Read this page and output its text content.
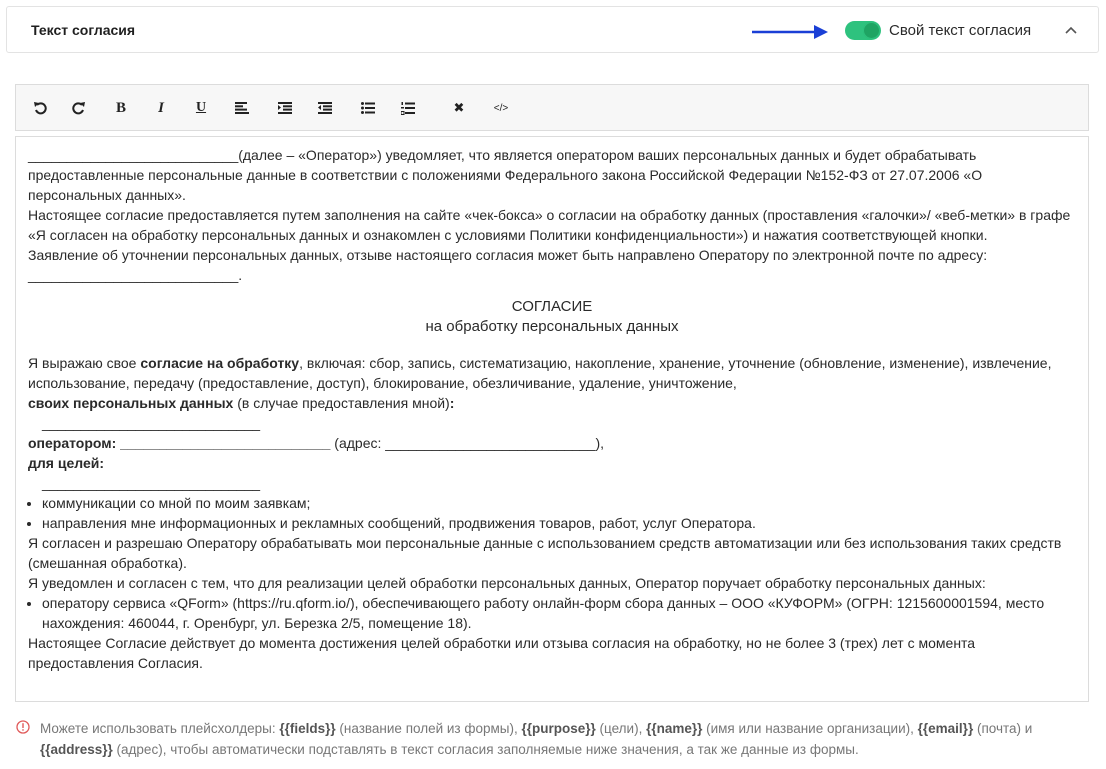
Текст согласия	Свой текст согласия
B I U	✖	</>

___________________________(далее – «Оператор») уведомляет, что является оператором ваших персональных данных и будет обрабатывать предоставленные персональные данные в соответствии с положениями Федерального закона Российской Федерации №152-ФЗ от 27.07.2006 «О персональных данных».

Настоящее согласие предоставляется путем заполнения на сайте «чек-бокса» о согласии на обработку данных (проставления «галочки»/ «веб-метки» в графе «Я согласен на обработку персональных данных и ознакомлен с условиями Политики конфиденциальности») и нажатия соответствующей кнопки.

Заявление об уточнении персональных данных, отзыве настоящего согласия может быть направлено Оператору по электронной почте по адресу:

___________________________.

СОГЛАСИЕ

на обработку персональных данных

Я выражаю свое согласие на обработку, включая: сбор, запись, систематизацию, накопление, хранение, уточнение (обновление, изменение), извлечение, использование, передачу (предоставление, доступ), блокирование, обезличивание, удаление, уничтожение,

своих персональных данных (в случае предоставления мной):

____________________________

оператором: ___________________________ (адрес: ___________________________),

для целей:

____________________________

• коммуникации со мной по моим заявкам;
• направления мне информационных и рекламных сообщений, продвижения товаров, работ, услуг Оператора.

Я согласен и разрешаю Оператору обрабатывать мои персональные данные с использованием средств автоматизации или без использования таких средств (смешанная обработка).

Я уведомлен и согласен с тем, что для реализации целей обработки персональных данных, Оператор поручает обработку персональных данных:

• оператору сервиса «QForm» (https://ru.qform.io/), обеспечивающего работу онлайн-форм сбора данных – ООО «КУФОРМ» (ОГРН: 1215600001594, место нахождения: 460044, г. Оренбург, ул. Березка 2/5, помещение 18).

Настоящее Согласие действует до момента достижения целей обработки или отзыва согласия на обработку, но не более 3 (трех) лет с момента предоставления Согласия.

Можете использовать плейсхолдеры: {{fields}} (название полей из формы), {{purpose}} (цели), {{name}} (имя или название организации), {{email}} (почта) и {{address}} (адрес), чтобы автоматически подставлять в текст согласия заполняемые ниже значения, а так же данные из формы.
